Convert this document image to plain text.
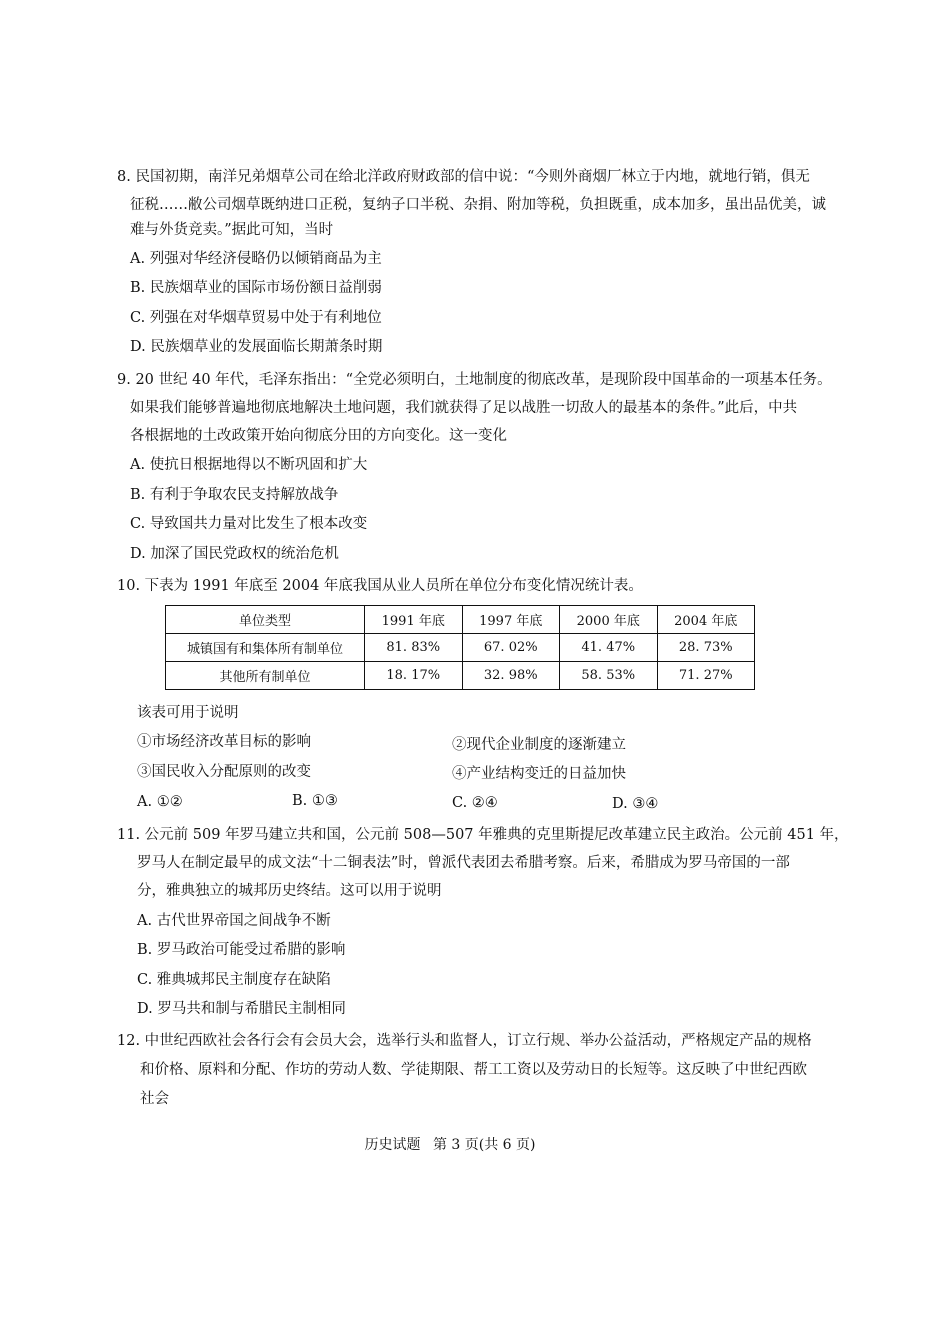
8. 民国初期，南洋兄弟烟草公司在给北洋政府财政部的信中说：“今则外商烟厂林立于内地，就地行销，俱无
征税……敝公司烟草既纳进口正税，复纳子口半税、杂捐、附加等税，负担既重，成本加多，虽出品优美，诚
难与外货竞卖。”据此可知，当时
A. 列强对华经济侵略仍以倾销商品为主
B. 民族烟草业的国际市场份额日益削弱
C. 列强在对华烟草贸易中处于有利地位
D. 民族烟草业的发展面临长期萧条时期
9. 20 世纪 40 年代，毛泽东指出：“全党必须明白，土地制度的彻底改革，是现阶段中国革命的一项基本任务。
如果我们能够普遍地彻底地解决土地问题，我们就获得了足以战胜一切敌人的最基本的条件。”此后，中共
各根据地的土改政策开始向彻底分田的方向变化。这一变化
A. 使抗日根据地得以不断巩固和扩大
B. 有利于争取农民支持解放战争
C. 导致国共力量对比发生了根本改变
D. 加深了国民党政权的统治危机
10. 下表为 1991 年底至 2004 年底我国从业人员所在单位分布变化情况统计表。
单位类型	1991 年底	1997 年底	2000 年底	2004 年底
城镇国有和集体所有制单位	81. 83%	67. 02%	41. 47%	28. 73%
其他所有制单位	18. 17%	32. 98%	58. 53%	71. 27%
该表可用于说明
①市场经济改革目标的影响	②现代企业制度的逐渐建立
③国民收入分配原则的改变	④产业结构变迁的日益加快
A. ①②	B. ①③	C. ②④	D. ③④
11. 公元前 509 年罗马建立共和国，公元前 508—507 年雅典的克里斯提尼改革建立民主政治。公元前 451 年，
罗马人在制定最早的成文法“十二铜表法”时，曾派代表团去希腊考察。后来，希腊成为罗马帝国的一部
分，雅典独立的城邦历史终结。这可以用于说明
A. 古代世界帝国之间战争不断
B. 罗马政治可能受过希腊的影响
C. 雅典城邦民主制度存在缺陷
D. 罗马共和制与希腊民主制相同
12. 中世纪西欧社会各行会有会员大会，选举行头和监督人，订立行规、举办公益活动，严格规定产品的规格
和价格、原料和分配、作坊的劳动人数、学徒期限、帮工工资以及劳动日的长短等。这反映了中世纪西欧
社会
历史试题 第 3 页(共 6 页)
